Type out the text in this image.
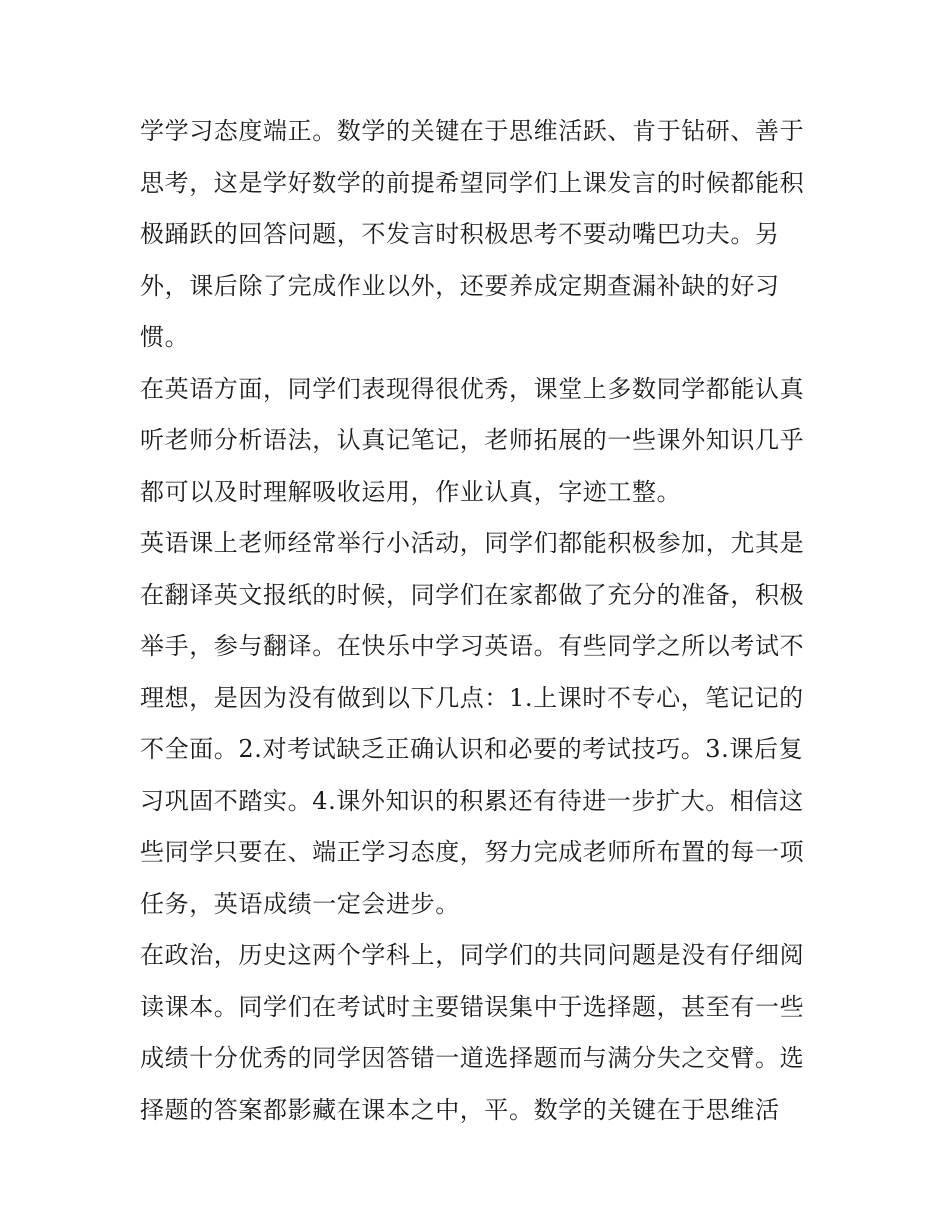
学学习态度端正。数学的关键在于思维活跃、肯于钻研、善于
思考，这是学好数学的前提希望同学们上课发言的时候都能积
极踊跃的回答问题，不发言时积极思考不要动嘴巴功夫。另
外，课后除了完成作业以外，还要养成定期查漏补缺的好习
惯。
在英语方面，同学们表现得很优秀，课堂上多数同学都能认真
听老师分析语法，认真记笔记，老师拓展的一些课外知识几乎
都可以及时理解吸收运用，作业认真，字迹工整。
英语课上老师经常举行小活动，同学们都能积极参加，尤其是
在翻译英文报纸的时候，同学们在家都做了充分的准备，积极
举手，参与翻译。在快乐中学习英语。有些同学之所以考试不
理想，是因为没有做到以下几点：1.上课时不专心，笔记记的
不全面。2.对考试缺乏正确认识和必要的考试技巧。3.课后复
习巩固不踏实。4.课外知识的积累还有待进一步扩大。相信这
些同学只要在、端正学习态度，努力完成老师所布置的每一项
任务，英语成绩一定会进步。
在政治，历史这两个学科上，同学们的共同问题是没有仔细阅
读课本。同学们在考试时主要错误集中于选择题，甚至有一些
成绩十分优秀的同学因答错一道选择题而与满分失之交臂。选
择题的答案都影藏在课本之中，平。数学的关键在于思维活
